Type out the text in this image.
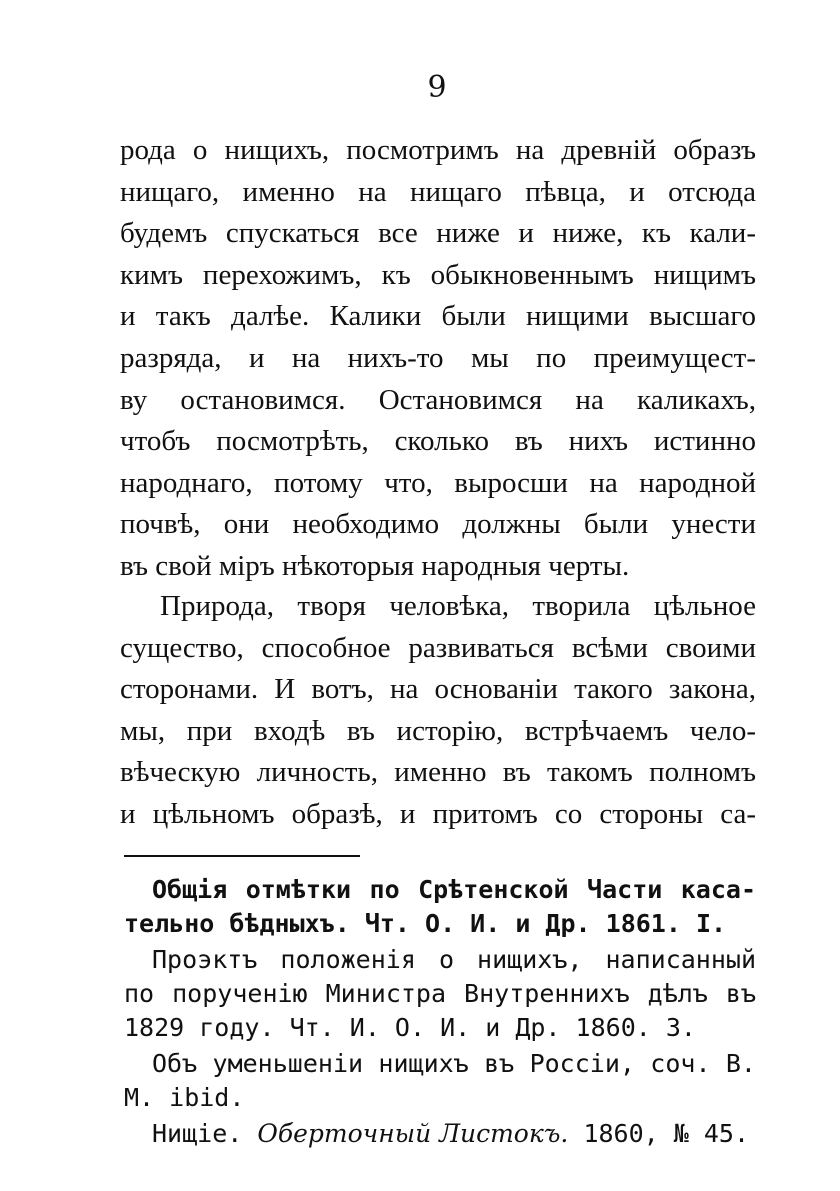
9
рода о нищихъ, посмотримъ на древній образъ
нищаго, именно на нищаго пѣвца, и отсюда
будемъ спускаться все ниже и ниже, къ кали-
кимъ перехожимъ, къ обыкновеннымъ нищимъ
и такъ далѣе. Калики были нищими высшаго
разряда, и на нихъ-то мы по преимущест-
ву остановимся. Остановимся на каликахъ,
чтобъ посмотрѣть, сколько въ нихъ истинно
народнаго, потому что, выросши на народной
почвѣ, они необходимо должны были унести
въ свой міръ нѣкоторыя народныя черты.
Природа, творя человѣка, творила цѣльное
существо, способное развиваться всѣми своими
сторонами. И вотъ, на основаніи такого закона,
мы, при входѣ въ исторію, встрѣчаемъ чело-
вѣческую личность, именно въ такомъ полномъ
и цѣльномъ образѣ, и притомъ со стороны са-
Общія отмѣтки по Срѣтенской Части каса-
тельно бѣдныхъ. Чт. О. И. и Др. 1861. I.
Проэктъ положенія о нищихъ, написанный
по порученію Министра Внутреннихъ дѣлъ въ
1829 году. Чт. И. О. И. и Др. 1860. 3.
Объ уменьшеніи нищихъ въ Россіи, соч. В.
М. ibid.
Нищіе. Оберточный Листокъ. 1860, № 45.
